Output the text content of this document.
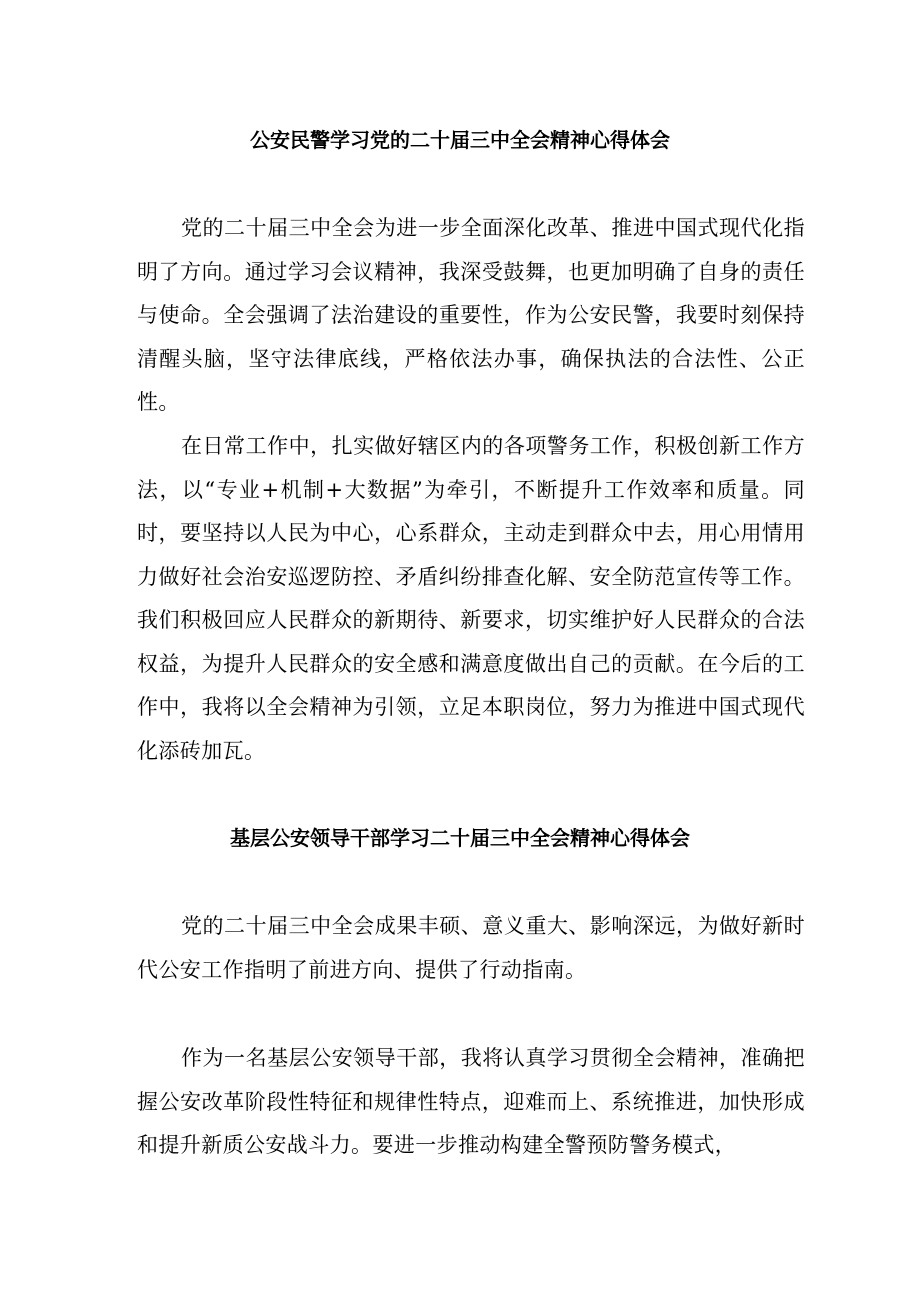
公安民警学习党的二十届三中全会精神心得体会

党的二十届三中全会为进一步全面深化改革、推进中国式现代化指明了方向。通过学习会议精神，我深受鼓舞，也更加明确了自身的责任与使命。全会强调了法治建设的重要性，作为公安民警，我要时刻保持清醒头脑，坚守法律底线，严格依法办事，确保执法的合法性、公正性。

在日常工作中，扎实做好辖区内的各项警务工作，积极创新工作方法，以“专业+机制+大数据”为牵引，不断提升工作效率和质量。同时，要坚持以人民为中心，心系群众，主动走到群众中去，用心用情用力做好社会治安巡逻防控、矛盾纠纷排查化解、安全防范宣传等工作。我们积极回应人民群众的新期待、新要求，切实维护好人民群众的合法权益，为提升人民群众的安全感和满意度做出自己的贡献。在今后的工作中，我将以全会精神为引领，立足本职岗位，努力为推进中国式现代化添砖加瓦。

基层公安领导干部学习二十届三中全会精神心得体会

党的二十届三中全会成果丰硕、意义重大、影响深远，为做好新时代公安工作指明了前进方向、提供了行动指南。

作为一名基层公安领导干部，我将认真学习贯彻全会精神，准确把握公安改革阶段性特征和规律性特点，迎难而上、系统推进，加快形成和提升新质公安战斗力。要进一步推动构建全警预防警务模式，
